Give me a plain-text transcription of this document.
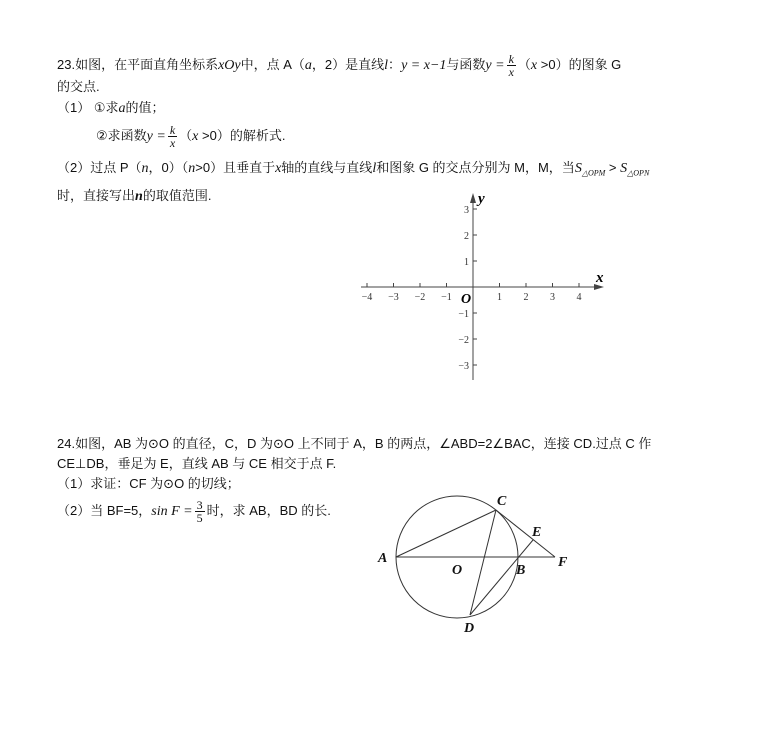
23.如图，在平面直角坐标系xOy中，点 A（a，2）是直线l：y = x−1与函数$y = \frac{k}{x} (x >0)$的图象 G
的交点.
（1） ①求a的值；
②求函数$y = \frac{k}{x} (x >0)$的解析式.
（2）过点 P（n，0）（n>0）且垂直于x轴的直线与直线l和图象 G 的交点分别为 M，M，当$S_{\triangle OPM} > S_{\triangle OPN}$
时，直接写出n的取值范围.
−4 −3 −2 −1	1 2 3 4
3
2
1
−1
−2
−3
x
y
O
24.如图，AB 为⊙O 的直径，C，D 为⊙O 上不同于 A，B 的两点，∠ABD=2∠BAC，连接 CD.过点 C 作
CE⊥DB，垂足为 E，直线 AB 与 CE 相交于点 F.
（1）求证：CF 为⊙O 的切线；
（2）当 BF=5，$\sin F = \frac{3}{5}$ 时，求 AB，BD 的长.
A
O	B
C
E
F
D
